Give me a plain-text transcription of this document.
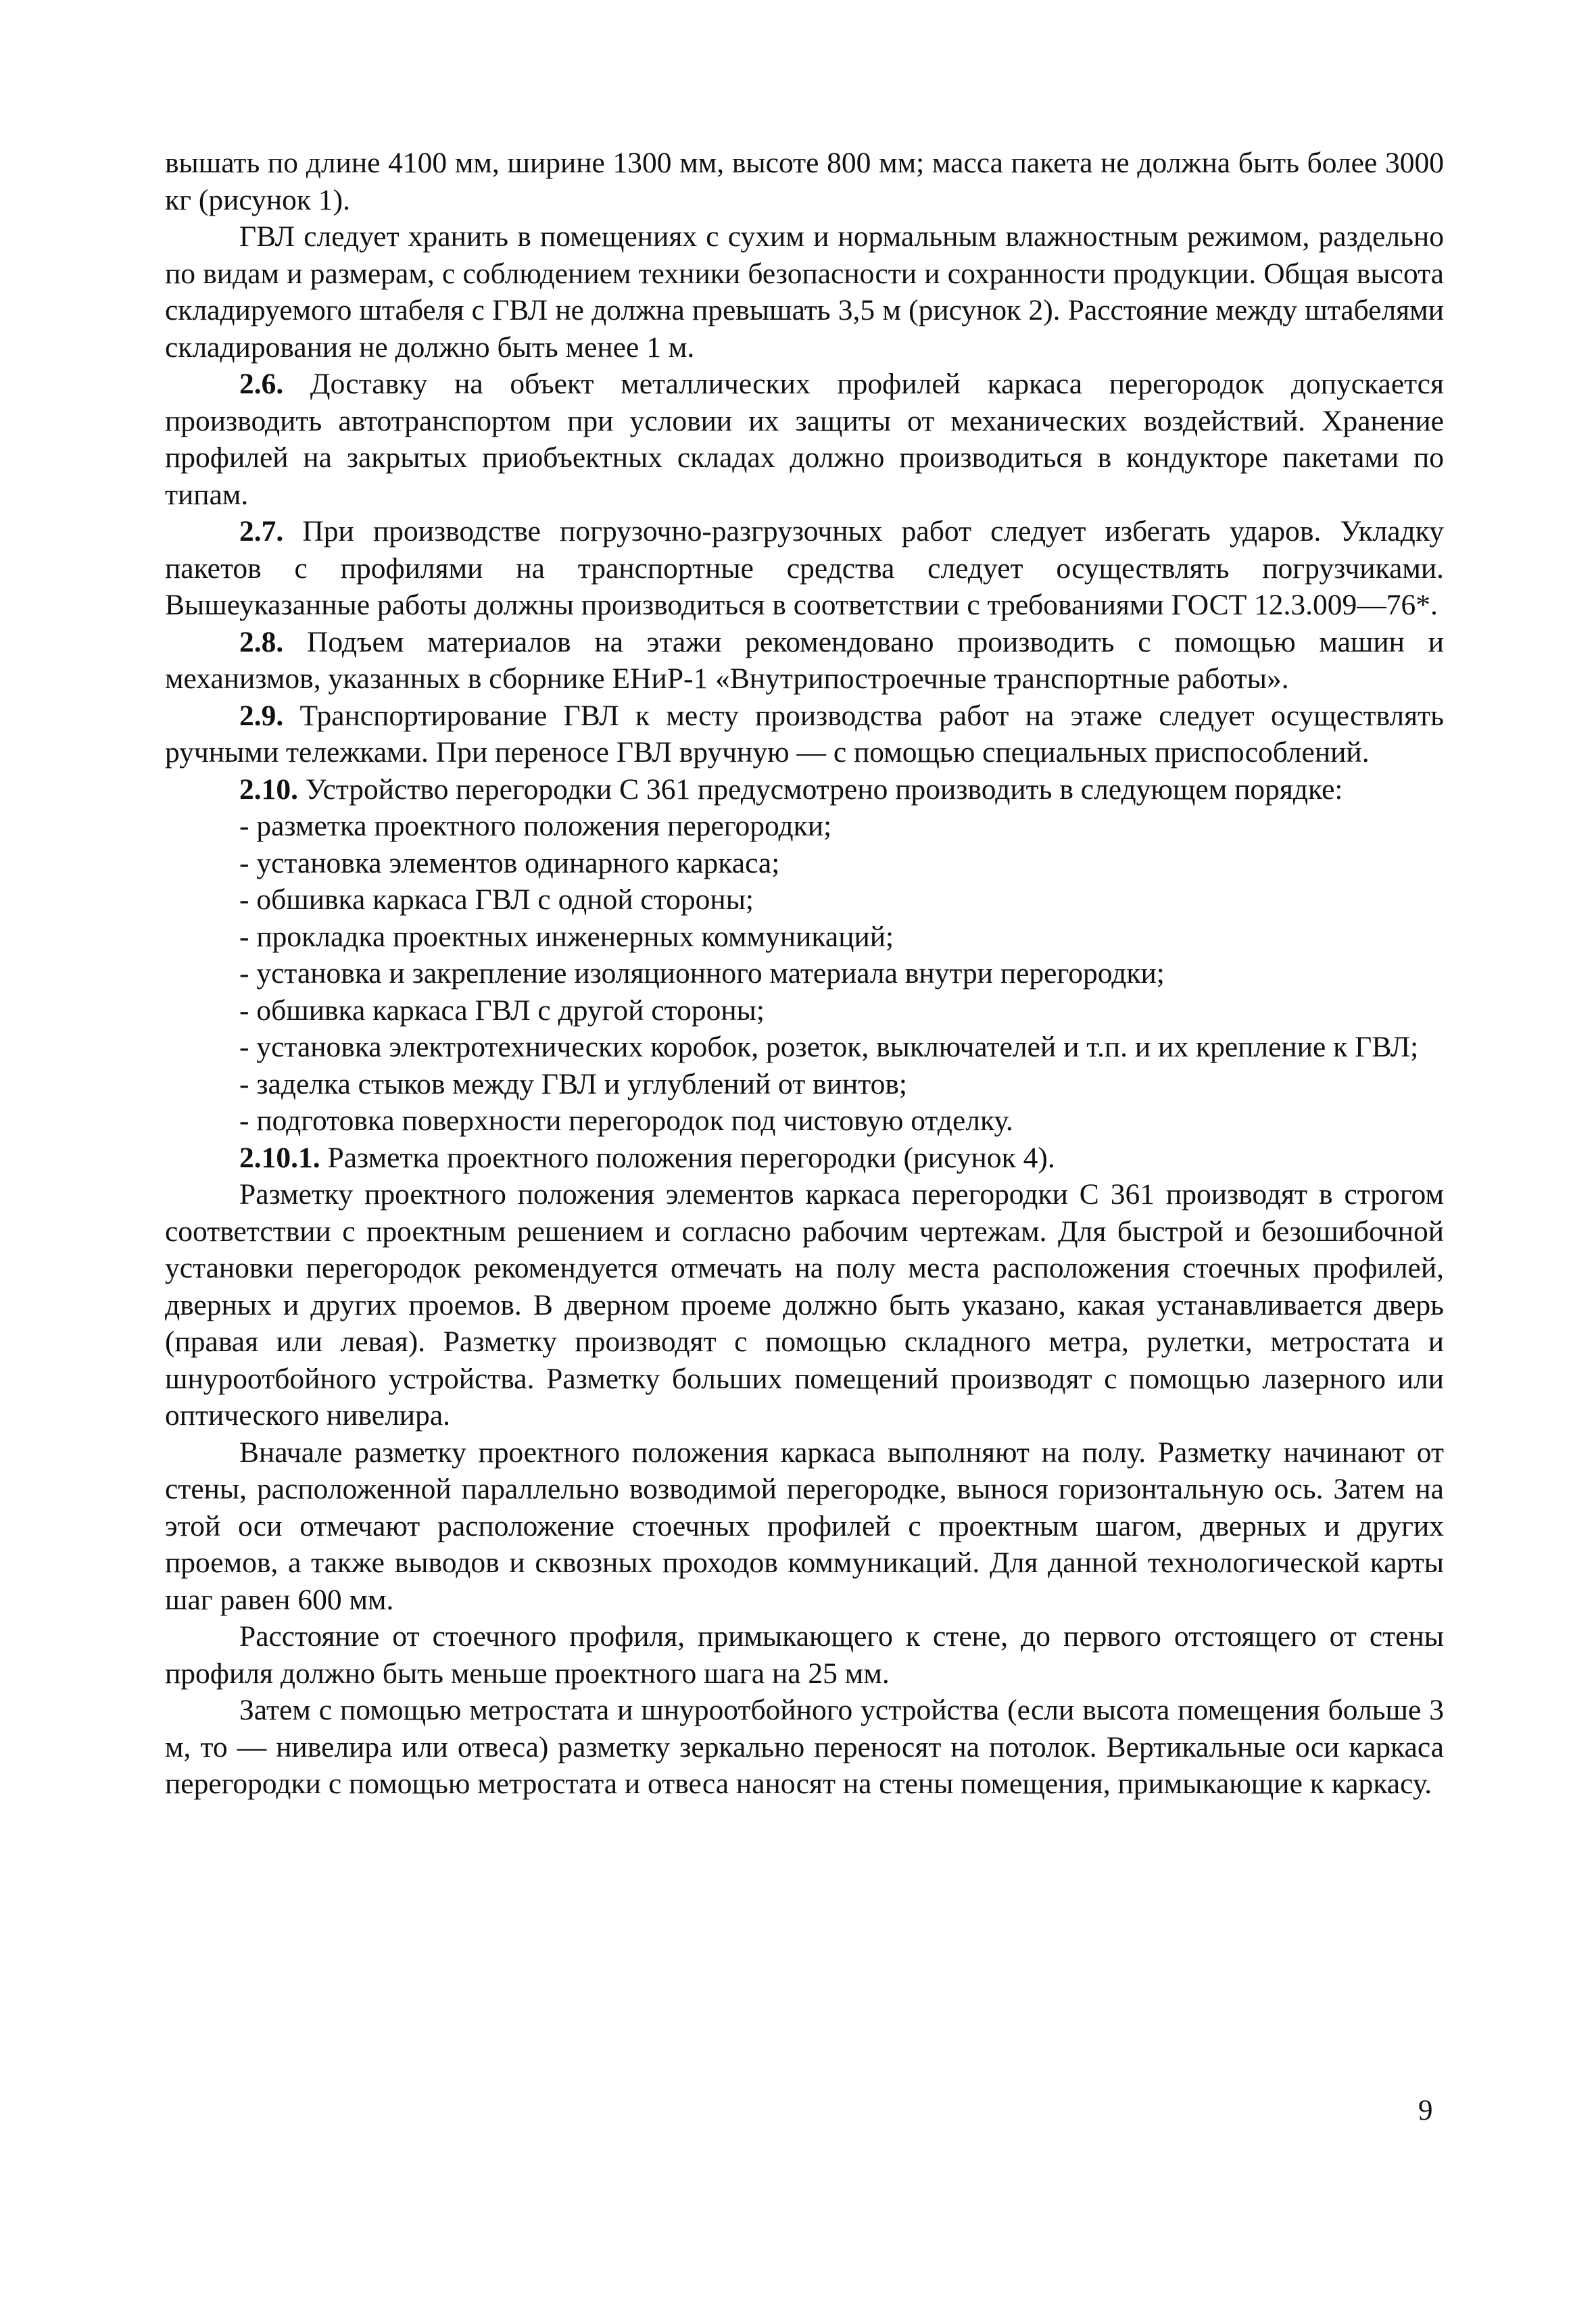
вышать по длине 4100 мм, ширине 1300 мм, высоте 800 мм; масса пакета не должна быть более 3000 кг (рисунок 1).

ГВЛ следует хранить в помещениях с сухим и нормальным влажностным режимом, раздельно по видам и размерам, с соблюдением техники безопасности и сохранности продукции. Общая высота складируемого штабеля с ГВЛ не должна превышать 3,5 м (рисунок 2). Расстояние между штабелями складирования не должно быть менее 1 м.

2.6. Доставку на объект металлических профилей каркаса перегородок допускается производить автотранспортом при условии их защиты от механических воздействий. Хранение профилей на закрытых приобъектных складах должно производиться в кондукторе пакетами по типам.

2.7. При производстве погрузочно-разгрузочных работ следует избегать ударов. Укладку пакетов с профилями на транспортные средства следует осуществлять погрузчиками. Вышеуказанные работы должны производиться в соответствии с требованиями ГОСТ 12.3.009—76*.

2.8. Подъем материалов на этажи рекомендовано производить с помощью машин и механизмов, указанных в сборнике ЕНиР-1 «Внутрипостроечные транспортные работы».

2.9. Транспортирование ГВЛ к месту производства работ на этаже следует осуществлять ручными тележками. При переносе ГВЛ вручную — с помощью специальных приспособлений.

2.10. Устройство перегородки С 361 предусмотрено производить в следующем порядке:

- разметка проектного положения перегородки;

- установка элементов одинарного каркаса;

- обшивка каркаса ГВЛ с одной стороны;

- прокладка проектных инженерных коммуникаций;

- установка и закрепление изоляционного материала внутри перегородки;

- обшивка каркаса ГВЛ с другой стороны;

- установка электротехнических коробок, розеток, выключателей и т.п. и их крепление к ГВЛ;

- заделка стыков между ГВЛ и углублений от винтов;

- подготовка поверхности перегородок под чистовую отделку.

2.10.1. Разметка проектного положения перегородки (рисунок 4).

Разметку проектного положения элементов каркаса перегородки С 361 производят в строгом соответствии с проектным решением и согласно рабочим чертежам. Для быстрой и безошибочной установки перегородок рекомендуется отмечать на полу места расположения стоечных профилей, дверных и других проемов. В дверном проеме должно быть указано, какая устанавливается дверь (правая или левая). Разметку производят с помощью складного метра, рулетки, метростата и шнуроотбойного устройства. Разметку больших помещений производят с помощью лазерного или оптического нивелира.

Вначале разметку проектного положения каркаса выполняют на полу. Разметку начинают от стены, расположенной параллельно возводимой перегородке, вынося горизонтальную ось. Затем на этой оси отмечают расположение стоечных профилей с проектным шагом, дверных и других проемов, а также выводов и сквозных проходов коммуникаций. Для данной технологической карты шаг равен 600 мм.

Расстояние от стоечного профиля, примыкающего к стене, до первого отстоящего от стены профиля должно быть меньше проектного шага на 25 мм.

Затем с помощью метростата и шнуроотбойного устройства (если высота помещения больше 3 м, то — нивелира или отвеса) разметку зеркально переносят на потолок. Вертикальные оси каркаса перегородки с помощью метростата и отвеса наносят на стены помещения, примыкающие к каркасу.

9
